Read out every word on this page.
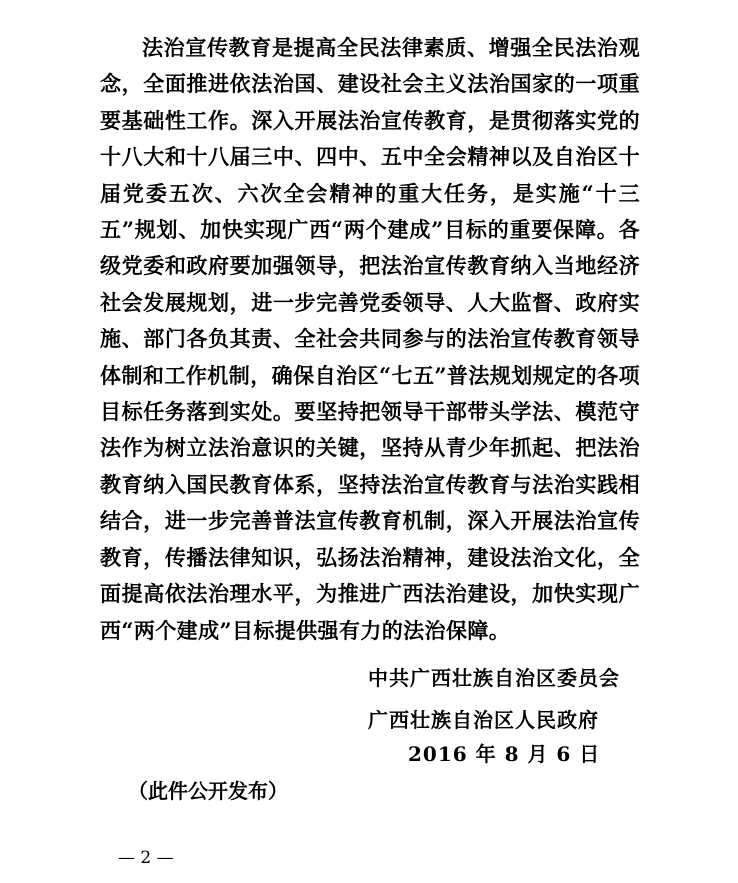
法治宣传教育是提高全民法律素质、增强全民法治观念，全面推进依法治国、建设社会主义法治国家的一项重要基础性工作。深入开展法治宣传教育，是贯彻落实党的十八大和十八届三中、四中、五中全会精神以及自治区十届党委五次、六次全会精神的重大任务，是实施“十三五”规划、加快实现广西“两个建成”目标的重要保障。各级党委和政府要加强领导，把法治宣传教育纳入当地经济社会发展规划，进一步完善党委领导、人大监督、政府实施、部门各负其责、全社会共同参与的法治宣传教育领导体制和工作机制，确保自治区“七五”普法规划规定的各项目标任务落到实处。要坚持把领导干部带头学法、模范守法作为树立法治意识的关键，坚持从青少年抓起、把法治教育纳入国民教育体系，坚持法治宣传教育与法治实践相结合，进一步完善普法宣传教育机制，深入开展法治宣传教育，传播法律知识，弘扬法治精神，建设法治文化，全面提高依法治理水平，为推进广西法治建设，加快实现广西“两个建成”目标提供强有力的法治保障。

中共广西壮族自治区委员会
广西壮族自治区人民政府
2016 年 8 月 6 日
（此件公开发布）
— 2 —
